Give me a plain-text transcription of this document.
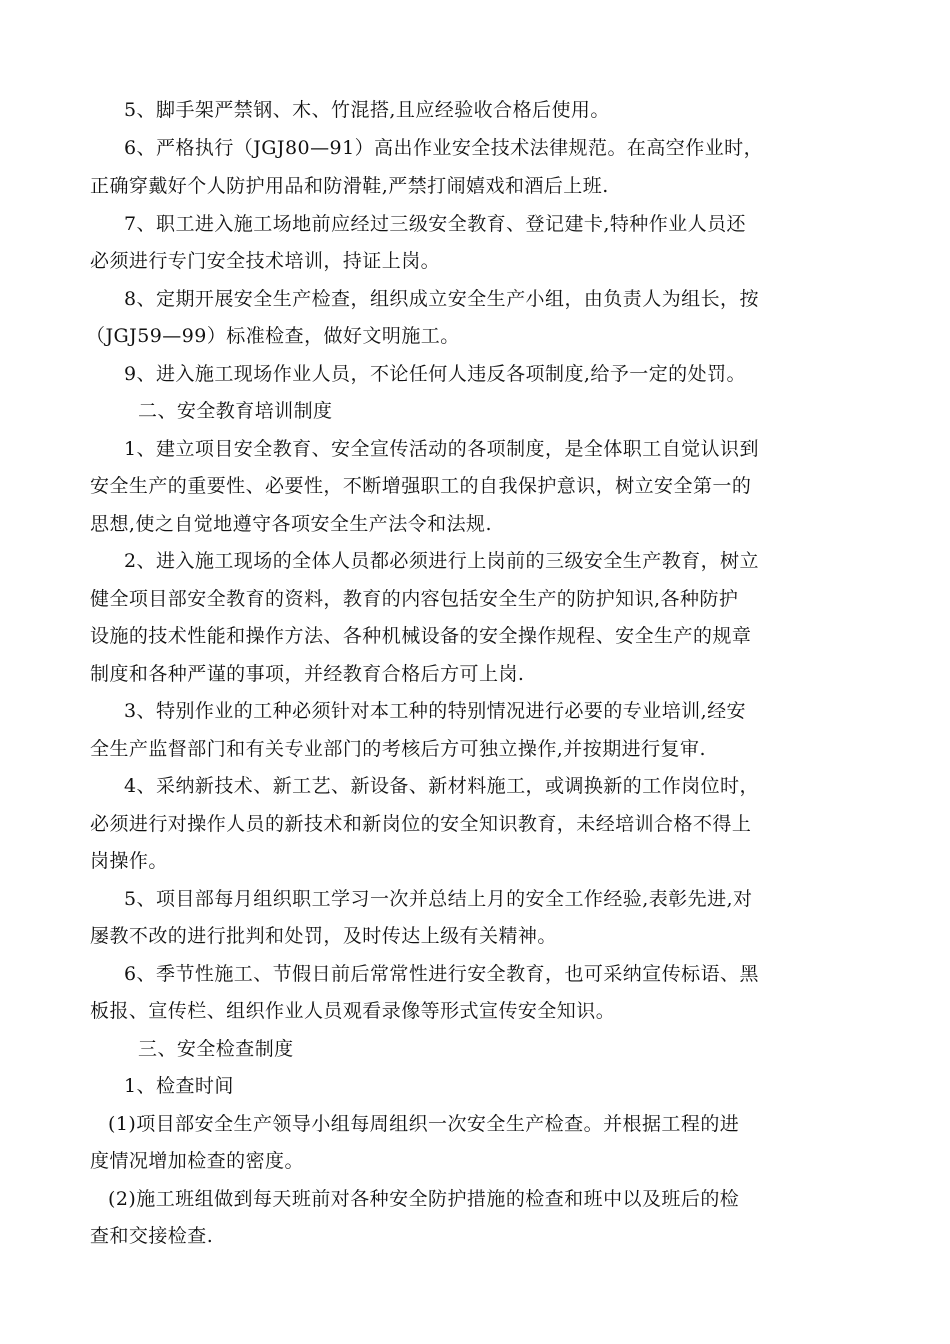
5、脚手架严禁钢、木、竹混搭,且应经验收合格后使用。
6、严格执行（JGJ80—91）高出作业安全技术法律规范。在高空作业时，
正确穿戴好个人防护用品和防滑鞋,严禁打闹嬉戏和酒后上班.
7、职工进入施工场地前应经过三级安全教育、登记建卡,特种作业人员还
必须进行专门安全技术培训，持证上岗。
8、定期开展安全生产检查，组织成立安全生产小组，由负责人为组长，按
（JGJ59—99）标准检查，做好文明施工。
9、进入施工现场作业人员，不论任何人违反各项制度,给予一定的处罚。
二、安全教育培训制度
1、建立项目安全教育、安全宣传活动的各项制度，是全体职工自觉认识到
安全生产的重要性、必要性，不断增强职工的自我保护意识，树立安全第一的
思想,使之自觉地遵守各项安全生产法令和法规.
2、进入施工现场的全体人员都必须进行上岗前的三级安全生产教育，树立
健全项目部安全教育的资料，教育的内容包括安全生产的防护知识,各种防护
设施的技术性能和操作方法、各种机械设备的安全操作规程、安全生产的规章
制度和各种严谨的事项，并经教育合格后方可上岗.
3、特别作业的工种必须针对本工种的特别情况进行必要的专业培训,经安
全生产监督部门和有关专业部门的考核后方可独立操作,并按期进行复审.
4、采纳新技术、新工艺、新设备、新材料施工，或调换新的工作岗位时，
必须进行对操作人员的新技术和新岗位的安全知识教育，未经培训合格不得上
岗操作。
5、项目部每月组织职工学习一次并总结上月的安全工作经验,表彰先进,对
屡教不改的进行批判和处罚，及时传达上级有关精神。
6、季节性施工、节假日前后常常性进行安全教育，也可采纳宣传标语、黑
板报、宣传栏、组织作业人员观看录像等形式宣传安全知识。
三、安全检查制度
1、检查时间
(1)项目部安全生产领导小组每周组织一次安全生产检查。并根据工程的进
度情况增加检查的密度。
(2)施工班组做到每天班前对各种安全防护措施的检查和班中以及班后的检
查和交接检查.
